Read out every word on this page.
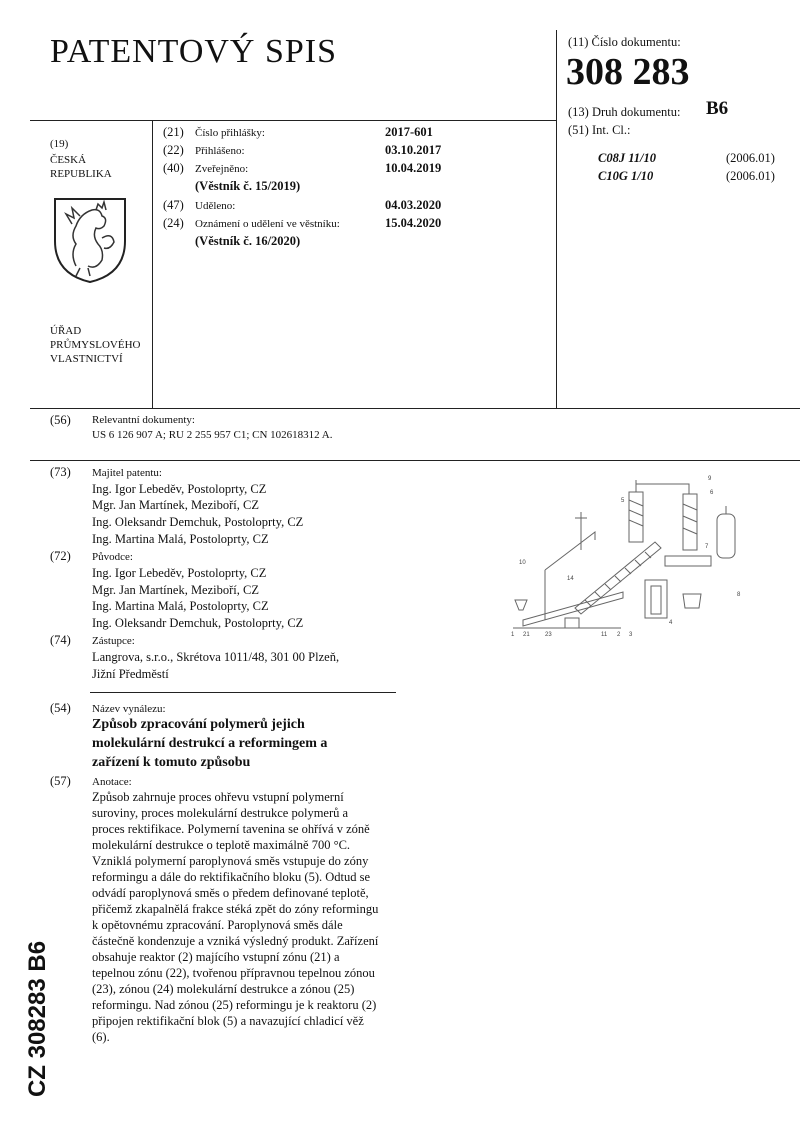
PATENTOVÝ SPIS	(11) Číslo dokumentu:
308 283
(13) Druh dokumentu: B6
(51) Int. Cl.:
C08J 11/10	(2006.01)
C10G 1/10	(2006.01)
(19)
ČESKÁ
REPUBLIKA
ÚŘAD
PRŮMYSLOVÉHO
VLASTNICTVÍ
(21) Číslo přihlášky:	2017-601
(22) Přihlášeno:	03.10.2017
(40) Zveřejněno:	10.04.2019
(Věstník č. 15/2019)
(47) Uděleno:	04.03.2020
(24) Oznámení o udělení ve věstníku:	15.04.2020
(Věstník č. 16/2020)
(56) Relevantní dokumenty:
US 6 126 907 A; RU 2 255 957 C1; CN 102618312 A.
(73) Majitel patentu:
Ing. Igor Lebeděv, Postoloprty, CZ
Mgr. Jan Martínek, Meziboří, CZ
Ing. Oleksandr Demchuk, Postoloprty, CZ
Ing. Martina Malá, Postoloprty, CZ
(72) Původce:
Ing. Igor Lebeděv, Postoloprty, CZ
Mgr. Jan Martínek, Meziboří, CZ
Ing. Martina Malá, Postoloprty, CZ
Ing. Oleksandr Demchuk, Postoloprty, CZ
(74) Zástupce:
Langrova, s.r.o., Skrétova 1011/48, 301 00 Plzeň,
Jižní Předměstí
(54) Název vynálezu:
Způsob zpracování polymerů jejich
molekulární destrukcí a reformingem a
zařízení k tomuto způsobu
(57) Anotace:

Způsob zahrnuje proces ohřevu vstupní polymerní

suroviny, proces molekulární destrukce polymerů a

proces rektifikace. Polymerní tavenina se ohřívá v zóně

molekulární destrukce o teplotě maximálně 700 °C.

Vzniklá polymerní paroplynová směs vstupuje do zóny

reformingu a dále do rektifikačního bloku (5). Odtud se

odvádí paroplynová směs o předem definované teplotě,

přičemž zkapalnělá frakce stéká zpět do zóny reformingu

k opětovnému zpracování. Paroplynová směs dále

částečně kondenzuje a vzniká výsledný produkt. Zařízení

obsahuje reaktor (2) majícího vstupní zónu (21) a

tepelnou zónu (22), tvořenou přípravnou tepelnou zónou

(23), zónou (24) molekulární destrukce a zónou (25)

reformingu. Nad zónou (25) reformingu je k reaktoru (2)

připojen rektifikační blok (5) a navazující chladicí věž

(6).

CZ 308283 B6
9
6
5
7
8
10
14
4
1 21	23	11 2 3
